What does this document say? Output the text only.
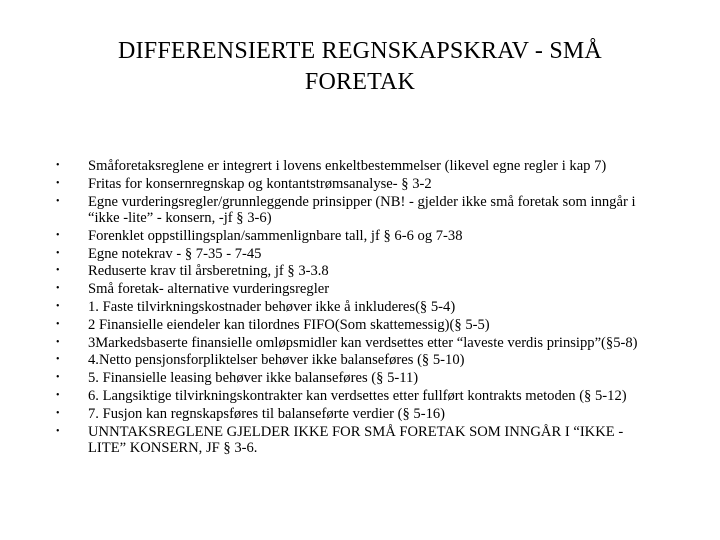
DIFFERENSIERTE REGNSKAPSKRAV - SMÅ FORETAK
•	Småforetaksreglene er integrert i lovens enkeltbestemmelser (likevel egne regler i kap 7)
•	Fritas for konsernregnskap og kontantstrømsanalyse- § 3-2
•	Egne vurderingsregler/grunnleggende prinsipper (NB! - gjelder ikke små foretak som inngår i “ikke -lite” - konsern, -jf § 3-6)
•	Forenklet oppstillingsplan/sammenlignbare tall, jf § 6-6 og 7-38
•	Egne notekrav - § 7-35 - 7-45
•	Reduserte krav til årsberetning, jf § 3-3.8
•	Små foretak- alternative vurderingsregler
•	1. Faste tilvirkningskostnader behøver ikke å inkluderes(§ 5-4)
•	2 Finansielle eiendeler kan tilordnes FIFO(Som skattemessig)(§ 5-5)
•	3Markedsbaserte finansielle omløpsmidler kan verdsettes etter “laveste verdis prinsipp”(§5-8)
•	4.Netto pensjonsforpliktelser behøver ikke balanseføres (§ 5-10)
•	5. Finansielle leasing behøver ikke balanseføres (§ 5-11)
•	6. Langsiktige tilvirkningskontrakter kan verdsettes etter fullført kontrakts metoden (§ 5-12)
•	7. Fusjon kan regnskapsføres til balanseførte verdier (§ 5-16)
•	UNNTAKSREGLENE GJELDER IKKE FOR SMÅ FORETAK SOM INNGÅR I “IKKE - LITE” KONSERN, JF § 3-6.
